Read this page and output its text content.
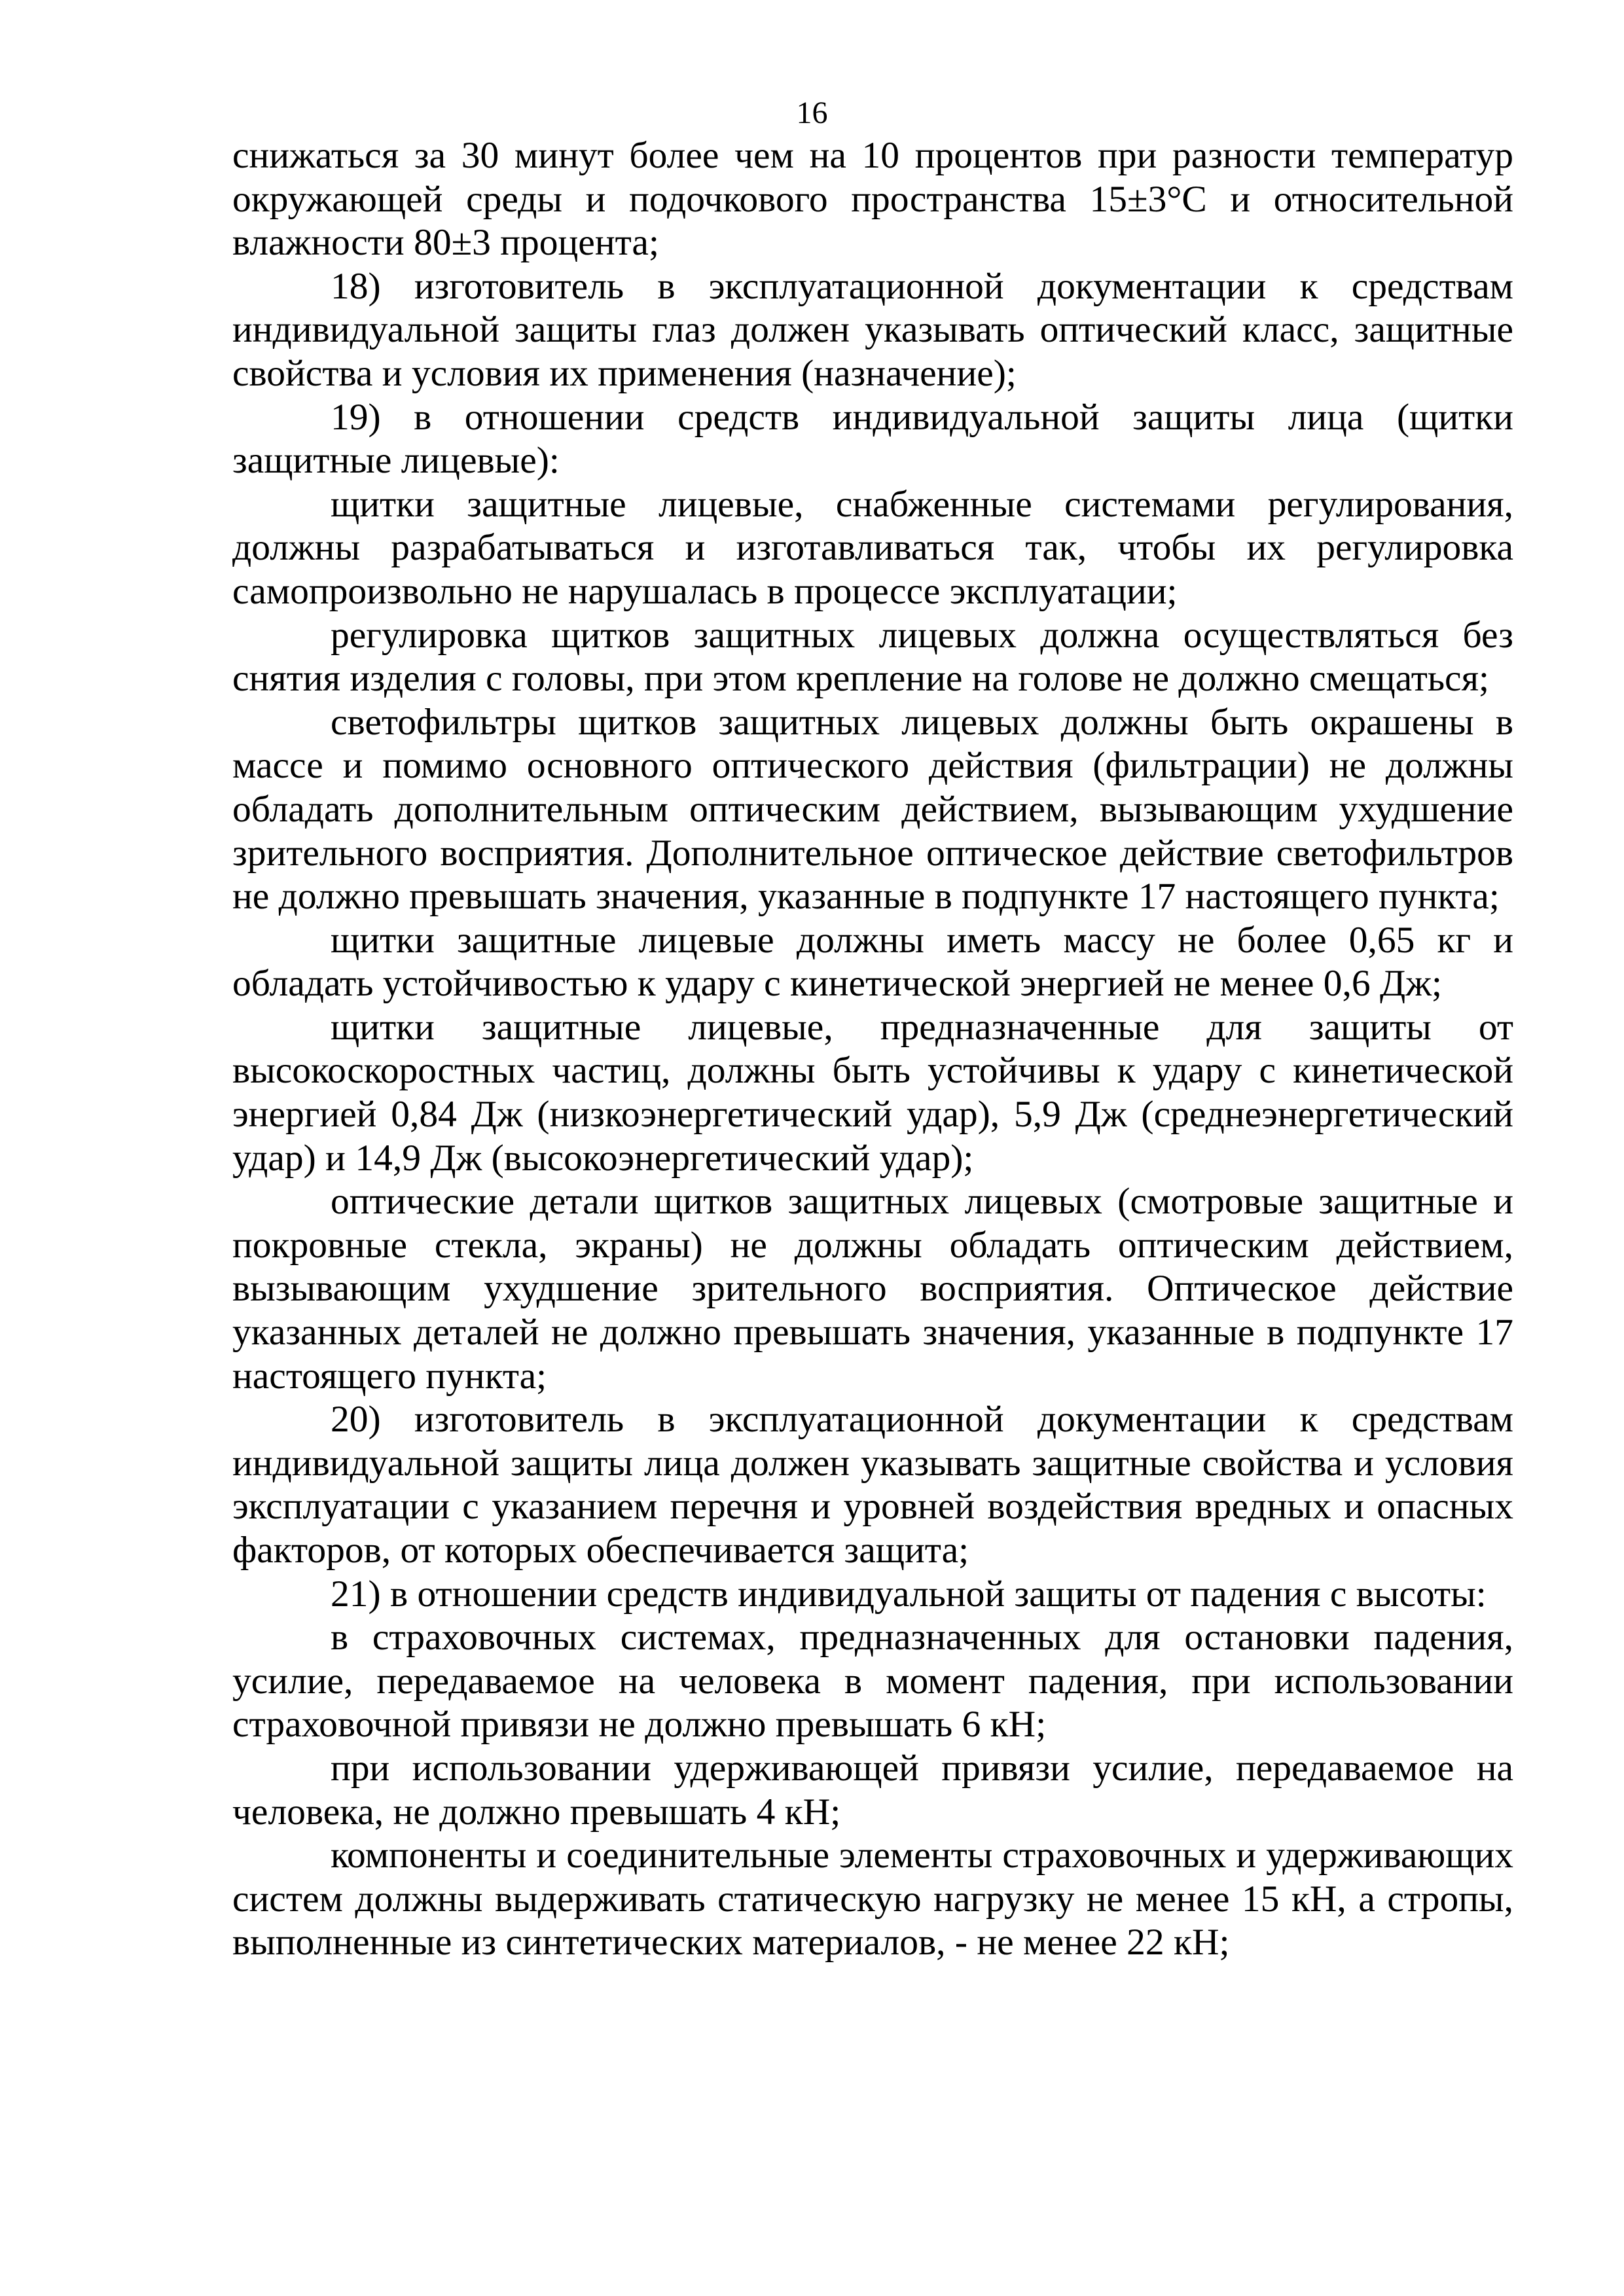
16

снижаться за 30 минут более чем на 10 процентов при разности температур окружающей среды и подочкового пространства 15±3°С и относительной влажности 80±3 процента;

18) изготовитель в эксплуатационной документации к средствам индивидуальной защиты глаз должен указывать оптический класс, защитные свойства и условия их применения (назначение);

19) в отношении средств индивидуальной защиты лица (щитки защитные лицевые):

щитки защитные лицевые, снабженные системами регулирования, должны разрабатываться и изготавливаться так, чтобы их регулировка самопроизвольно не нарушалась в процессе эксплуатации;

регулировка щитков защитных лицевых должна осуществляться без снятия изделия с головы, при этом крепление на голове не должно смещаться;

светофильтры щитков защитных лицевых должны быть окрашены в массе и помимо основного оптического действия (фильтрации) не должны обладать дополнительным оптическим действием, вызывающим ухудшение зрительного восприятия. Дополнительное оптическое действие светофильтров не должно превышать значения, указанные в подпункте 17 настоящего пункта;

щитки защитные лицевые должны иметь массу не более 0,65 кг и обладать устойчивостью к удару с кинетической энергией не менее 0,6 Дж;

щитки защитные лицевые, предназначенные для защиты от высокоскоростных частиц, должны быть устойчивы к удару с кинетической энергией 0,84 Дж (низкоэнергетический удар), 5,9 Дж (среднеэнергетический удар) и 14,9 Дж (высокоэнергетический удар);

оптические детали щитков защитных лицевых (смотровые защитные и покровные стекла, экраны) не должны обладать оптическим действием, вызывающим ухудшение зрительного восприятия. Оптическое действие указанных деталей не должно превышать значения, указанные в подпункте 17 настоящего пункта;

20) изготовитель в эксплуатационной документации к средствам индивидуальной защиты лица должен указывать защитные свойства и условия эксплуатации с указанием перечня и уровней воздействия вредных и опасных факторов, от которых обеспечивается защита;

21) в отношении средств индивидуальной защиты от падения с высоты:

в страховочных системах, предназначенных для остановки падения, усилие, передаваемое на человека в момент падения, при использовании страховочной привязи не должно превышать 6 кН;

при использовании удерживающей привязи усилие, передаваемое на человека, не должно превышать 4 кН;

компоненты и соединительные элементы страховочных и удерживающих систем должны выдерживать статическую нагрузку не менее 15 кН, а стропы, выполненные из синтетических материалов, - не менее 22 кН;
